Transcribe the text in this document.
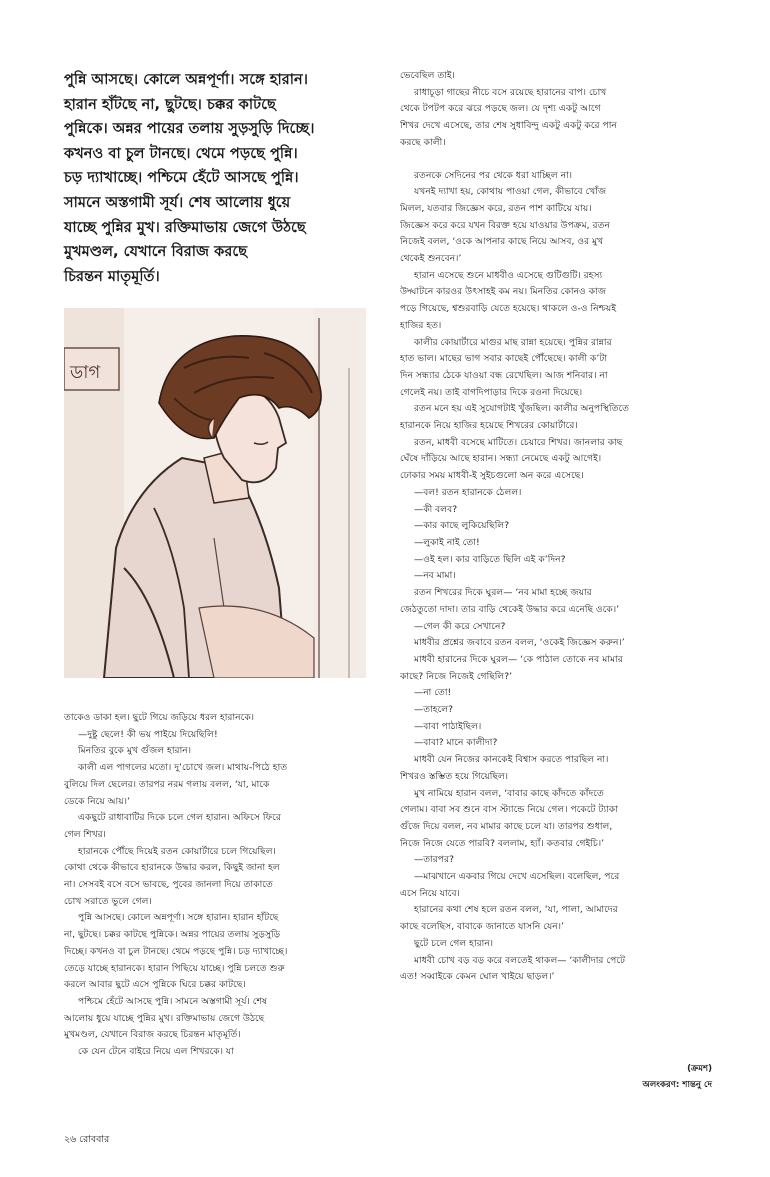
পুন্নি আসছে। কোলে অন্নপূর্ণা। সঙ্গে হারান।

হারান হাঁটছে না, ছুটছে। চক্কর কাটছে

পুন্নিকে। অন্নর পায়ের তলায় সুড়সুড়ি দিচ্ছে।

কখনও বা চুল টানছে। থেমে পড়ছে পুন্নি।

চড় দ্যাখাচ্ছে। পশ্চিমে হেঁটে আসছে পুন্নি।

সামনে অস্তগামী সূর্য। শেষ আলোয় ধুয়ে

যাচ্ছে পুন্নির মুখ। রক্তিমাভায় জেগে উঠছে

মুখমণ্ডল, যেখানে বিরাজ করছে

চিরন্তন মাতৃমূর্তি।

ডাগ

তাকেও ডাকা হল। ছুটে গিয়ে জড়িয়ে ধরল হারানকে।

—দুষ্টু ছেলে! কী ভয় পাইয়ে দিয়েছিলি!

মিনতির বুকে মুখ গুঁজল হারান।

কালী এল পাগলের মতো। দু’চোখে জল। মাথায়-পিঠে হাত

বুলিয়ে দিল ছেলের। তারপর নরম গলায় বলল, ‘যা, মাকে

ডেকে নিয়ে আয়।’

একছুটে রাধাবাটির দিকে চলে গেল হারান। অফিসে ফিরে

গেল শিখর।

হারানকে পৌঁছে দিয়েই রতন কোয়ার্টারে চলে গিয়েছিল।

কোথা থেকে কীভাবে হারানকে উদ্ধার করল, কিছুই জানা হল

না। সেসবই বসে বসে ভাবছে, পুবের জানলা দিয়ে তাকাতে

চোখ সরাতে ভুলে গেল।

পুন্নি আসছে। কোলে অন্নপূর্ণা। সঙ্গে হারান। হারান হাঁটছে

না, ছুটছে। চক্কর কাটছে পুন্নিকে। অন্নর পায়ের তলায় সুড়সুড়ি

দিচ্ছে। কখনও বা চুল টানছে। থেমে পড়ছে পুন্নি। চড় দ্যাখাচ্ছে।

তেড়ে যাচ্ছে হারানকে। হারান পিছিয়ে যাচ্ছে। পুন্নি চলতে শুরু

করলে আবার ছুটে এসে পুন্নিকে ঘিরে চক্কর কাটছে।

পশ্চিমে হেঁটে আসছে পুন্নি। সামনে অস্তগামী সূর্য। শেষ

আলোয় ধুয়ে যাচ্ছে পুন্নির মুখ। রক্তিমাভায় জেগে উঠছে

মুখমণ্ডল, যেখানে বিরাজ করছে চিরন্তন মাতৃমূর্তি।

কে যেন টেনে বাইরে নিয়ে এল শিখরকে। যা

ভেবেছিল তাই।

রাধাচূড়া গাছের নীচে বসে রয়েছে হারানের বাপ। চোখ

থেকে টপটপ করে ঝরে পড়ছে জল। যে দৃশ্য একটু আগে

শিখর দেখে এসেছে, তার শেষ সুধাবিন্দু একটু একটু করে পান

করছে কালী।

রতনকে সেদিনের পর থেকে ধরা যাচ্ছিল না।

যখনই দ্যাখা হয়, কোথায় পাওয়া গেল, কীভাবে খোঁজ

মিলল, যতবার জিজ্ঞেস করে, রতন পাশ কাটিয়ে যায়।

জিজ্ঞেস করে করে যখন বিরক্ত হয়ে যাওয়ার উপক্রম, রতন

নিজেই বলল, ‘ওকে আপনার কাছে নিয়ে আসব, ওর মুখ

থেকেই শুনবেন।’

হারান এসেছে শুনে মাধবীও এসেছে গুটিগুটি। রহস্য

উদ্ঘাটনে কারওর উৎসাহই কম নয়। মিনতির কোনও কাজ

পড়ে গিয়েছে, শ্বশুরবাড়ি যেতে হয়েছে। থাকলে ও-ও নিশ্চয়ই

হাজির হত।

কালীর কোয়ার্টারে মাগুর মাছ রান্না হয়েছে। পুন্নির রান্নার

হাত ভাল। মাছের ভাগ সবার কাছেই পৌঁছেছে। কালী ক’টা

দিন সন্ধ্যার ঠেকে যাওয়া বন্ধ রেখেছিল। আজ শনিবার। না

গেলেই নয়। তাই বাগদিপাড়ার দিকে রওনা দিয়েছে।

রতন মনে হয় এই সুযোগটাই খুঁজছিল। কালীর অনুপস্থিতিতে

হারানকে নিয়ে হাজির হয়েছে শিখরের কোয়ার্টারে।

রতন, মাধবী বসেছে মাটিতে। চেয়ারে শিখর। জানলার কাছ

ঘেঁষে দাঁড়িয়ে আছে হারান। সন্ধ্যা নেমেছে একটু আগেই।

ঢোকার সময় মাধবী-ই সুইচগুলো অন করে এসেছে।

—বল! রতন হারানকে ঠেলল।

—কী বলব?

—কার কাছে লুকিয়েছিলি?

—লুকাই নাই তো!

—ওই হল। কার বাড়িতে ছিলি এই ক’দিন?

—নব মামা।

রতন শিখরের দিকে ঘুরল— ‘নব মামা হচ্ছে জয়ার

জেঠতুতো দাদা। তার বাড়ি থেকেই উদ্ধার করে এনেছি ওকে।’

—গেল কী করে সেখানে?

মাধবীর প্রশ্নের জবাবে রতন বলল, ‘ওকেই জিজ্ঞেস করুন।’

মাধবী হারানের দিকে ঘুরল— ‘কে পাঠাল তোকে নব মামার

কাছে? নিজে নিজেই গেছিলি?’

—না তো!

—তাহলে?

—বাবা পাঠাইছিল।

—বাবা? মানে কালীদা?

মাধবী যেন নিজের কানকেই বিশ্বাস করতে পারছিল না।

শিখরও স্তম্ভিত হয়ে গিয়েছিল।

মুখ নামিয়ে হারান বলল, ‘বাবার কাছে কাঁদতে কাঁদতে

গেলাম। বাবা সব শুনে বাস স্ট্যান্ডে নিয়ে গেল। পকেটে ট্যাকা

গুঁজে দিয়ে বলল, নব মামার কাছে চলে যা। তারপর শুধাল,

নিজে নিজে যেতে পারবি? বললাম, হ্যাঁ। কতবার গেইচি।’

—তারপর?

—মাঝখানে একবার গিয়ে দেখে এসেছিল। বলেছিল, পরে

এসে নিয়ে যাবে।

হারানের কথা শেষ হলে রতন বলল, ‘যা, পালা, আমাদের

কাছে বলেছিস, বাবাকে জানাতে যাসনি যেন।’

ছুটে চলে গেল হারান।

মাধবী চোখ বড় বড় করে বলতেই থাকল— ‘কালীদার পেটে

এত! সব্বাইকে কেমন ঘোল খাইয়ে ছাড়ল।’

(ক্রমশ)
অলংকরণ: শান্তনু দে
২৬ রোববার
